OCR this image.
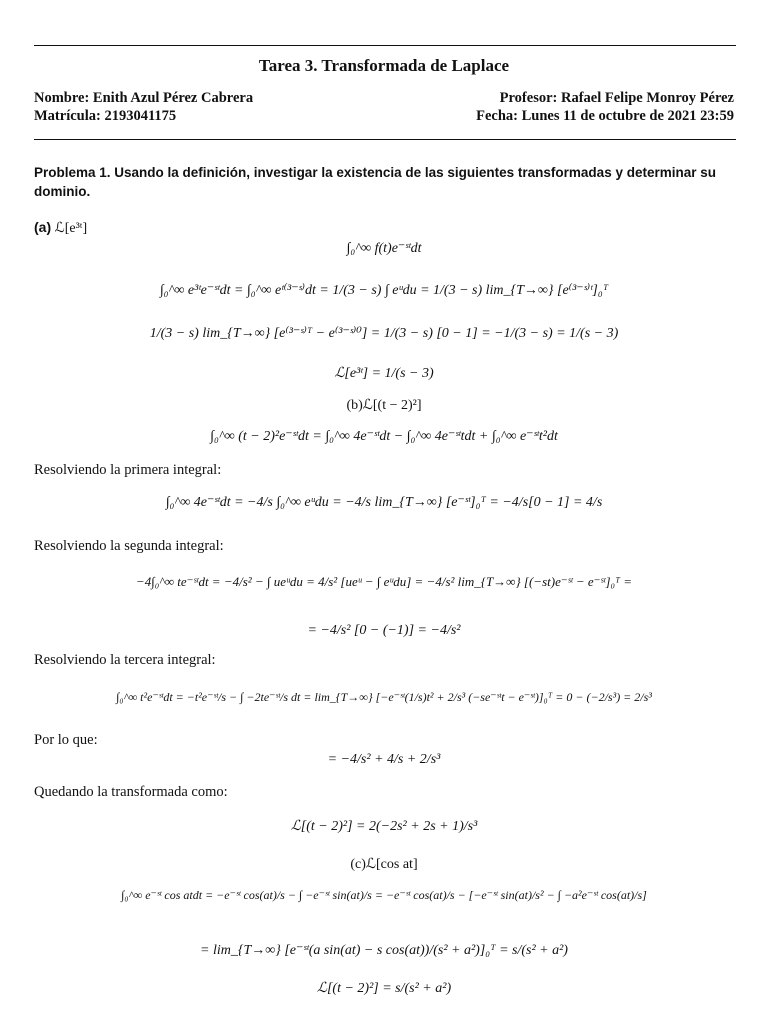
Tarea 3. Transformada de Laplace
Nombre: Enith Azul Pérez Cabrera	Profesor: Rafael Felipe Monroy Pérez
Matrícula: 2193041175	Fecha: Lunes 11 de octubre de 2021 23:59
Problema 1. Usando la definición, investigar la existencia de las siguientes transformadas y determinar su dominio.
(a) ℒ[e³ᵗ]
∫₀^∞ f(t)e⁻ˢᵗdt
∫₀^∞ e³ᵗe⁻ˢᵗdt = ∫₀^∞ eᵗ⁽³⁻ˢ⁾dt = 1/(3 − s) ∫ eᵘdu = 1/(3 − s) lim_{T→∞} [e⁽³⁻ˢ⁾ᵗ]₀ᵀ
1/(3 − s) lim_{T→∞} [e⁽³⁻ˢ⁾ᵀ − e⁽³⁻ˢ⁾⁰] = 1/(3 − s) [0 − 1] = −1/(3 − s) = 1/(s − 3)
ℒ[e³ᵗ] = 1/(s − 3)
(b)ℒ[(t − 2)²]
∫₀^∞ (t − 2)²e⁻ˢᵗdt = ∫₀^∞ 4e⁻ˢᵗdt − ∫₀^∞ 4e⁻ˢᵗtdt + ∫₀^∞ e⁻ˢᵗt²dt
Resolviendo la primera integral:
∫₀^∞ 4e⁻ˢᵗdt = −4/s ∫₀^∞ eᵘdu = −4/s lim_{T→∞} [e⁻ˢᵗ]₀ᵀ = −4/s[0 − 1] = 4/s
Resolviendo la segunda integral:
−4∫₀^∞ te⁻ˢᵗdt = −4/s² − ∫ ueᵘdu = 4/s² [ueᵘ − ∫ eᵘdu] = −4/s² lim_{T→∞} [(−st)e⁻ˢᵗ − e⁻ˢᵗ]₀ᵀ =
= −4/s² [0 − (−1)] = −4/s²
Resolviendo la tercera integral:
∫₀^∞ t²e⁻ˢᵗdt = −t²e⁻ˢᵗ/s − ∫ −2te⁻ˢᵗ/s dt = lim_{T→∞} [−e⁻ˢᵗ(1/s)t² + 2/s³ (−se⁻ˢᵗt − e⁻ˢᵗ)]₀ᵀ = 0 − (−2/s³) = 2/s³
Por lo que:
= −4/s² + 4/s + 2/s³
Quedando la transformada como:
ℒ[(t − 2)²] = 2(−2s² + 2s + 1)/s³
(c)ℒ[cos at]
∫₀^∞ e⁻ˢᵗ cos atdt = −e⁻ˢᵗ cos(at)/s − ∫ −e⁻ˢᵗ sin(at)/s = −e⁻ˢᵗ cos(at)/s − [−e⁻ˢᵗ sin(at)/s² − ∫ −a²e⁻ˢᵗ cos(at)/s]
= lim_{T→∞} [e⁻ˢᵗ(a sin(at) − s cos(at))/(s² + a²)]₀ᵀ = s/(s² + a²)
ℒ[(t − 2)²] = s/(s² + a²)
